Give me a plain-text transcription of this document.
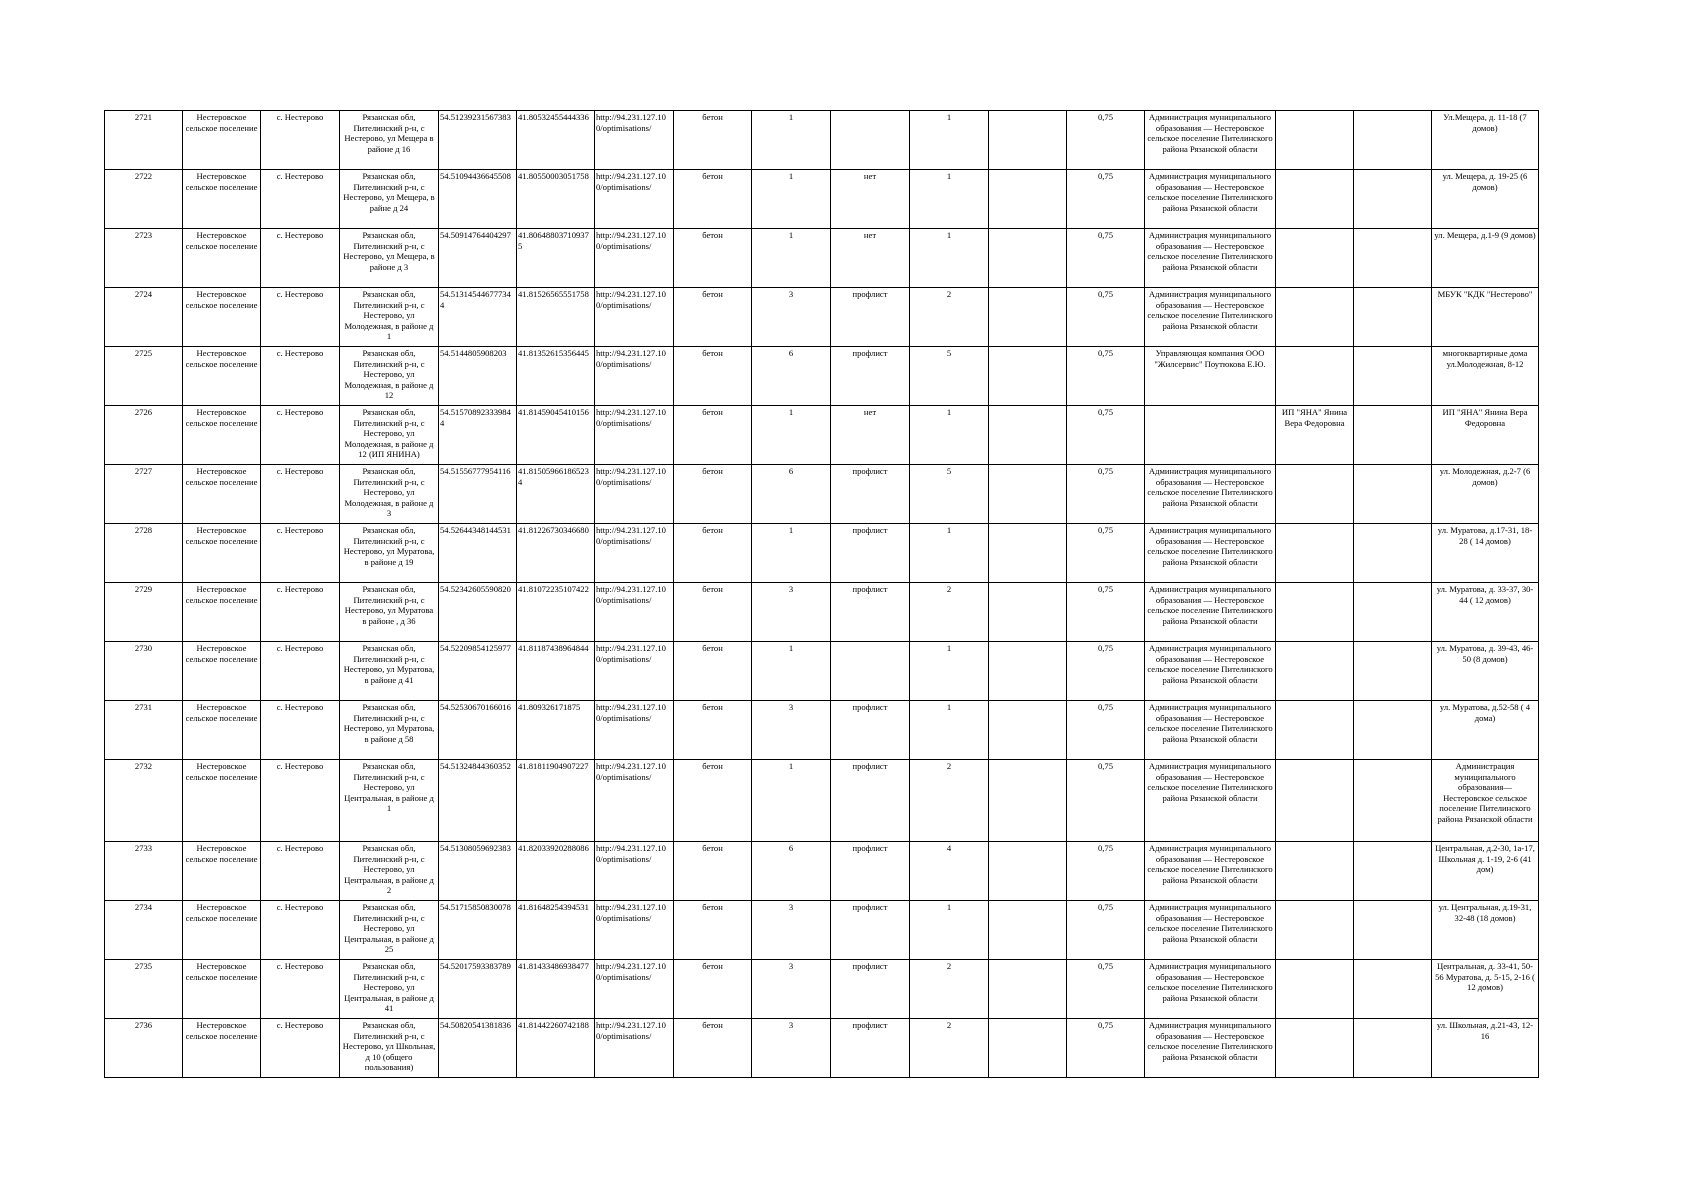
2721	Нестеровское сельское поселение	с. Нестерово	Рязанская обл, Пителинский р-н, с Нестерово, ул Мещера в районе д 16	54.51239231567383	41.80532455444336	http://94.231.127.100/optimisations/	бетон	1		1		0,75	Администрация муниципального образования — Нестеровское сельское поселение Пителинского района Рязанской области			Ул.Мещера, д. 11-18 (7 домов)
2722	Нестеровское сельское поселение	с. Нестерово	Рязанская обл, Пителинский р-н, с Нестерово, ул Мещера, в райне д 24	54.51094436645508	41.80550003051758	http://94.231.127.100/optimisations/	бетон	1	нет	1		0,75	Администрация муниципального образования — Нестеровское сельское поселение Пителинского района Рязанской области			ул. Мещера, д. 19-25 (6 домов)
2723	Нестеровское сельское поселение	с. Нестерово	Рязанская обл, Пителинский р-н, с Нестерово, ул Мещера, в районе д 3	54.50914764404297	41.806488037109375	http://94.231.127.100/optimisations/	бетон	1	нет	1		0,75	Администрация муниципального образования — Нестеровское сельское поселение Пителинского района Рязанской области			ул. Мещера, д.1-9 (9 домов)
2724	Нестеровское сельское поселение	с. Нестерово	Рязанская обл, Пителинский р-н, с Нестерово, ул Молодежная, в районе д 1	54.513145446777344	41.81526565551758	http://94.231.127.100/optimisations/	бетон	3	профлист	2		0,75	Администрация муниципального образования — Нестеровское сельское поселение Пителинского района Рязанской области			МБУК "КДК "Нестерово"
2725	Нестеровское сельское поселение	с. Нестерово	Рязанская обл, Пителинский р-н, с Нестерово, ул Молодежная, в районе д 12	54.5144805908203	41.81352615356445	http://94.231.127.100/optimisations/	бетон	6	профлист	5		0,75	Управляющая компания ООО "Жилсервис" Поутюкова Е.Ю.			многоквартирные дома ул.Молодежная, 8-12
2726	Нестеровское сельское поселение	с. Нестерово	Рязанская обл, Пителинский р-н, с Нестерово, ул Молодежная, в районе д 12 (ИП ЯНИНА)	54.515708923339844	41.81459045410156	http://94.231.127.100/optimisations/	бетон	1	нет	1		0,75		ИП "ЯНА" Янина Вера Федоровна		ИП "ЯНА" Янина Вера Федоровна
2727	Нестеровское сельское поселение	с. Нестерово	Рязанская обл, Пителинский р-н, с Нестерово, ул Молодежная, в районе д 3	54.51556777954116	41.815059661865234	http://94.231.127.100/optimisations/	бетон	6	профлист	5		0,75	Администрация муниципального образования — Нестеровское сельское поселение Пителинского района Рязанской области			ул. Молодежная, д.2-7 (6 домов)
2728	Нестеровское сельское поселение	с. Нестерово	Рязанская обл, Пителинский р-н, с Нестерово, ул Муратова, в районе д 19	54.52644348144531	41.81226730346680	http://94.231.127.100/optimisations/	бетон	1	профлист	1		0,75	Администрация муниципального образования — Нестеровское сельское поселение Пителинского района Рязанской области			ул. Муратова, д.17-31, 18-28 ( 14 домов)
2729	Нестеровское сельское поселение	с. Нестерово	Рязанская обл, Пителинский р-н, с Нестерово, ул Муратова в районе , д 36	54.52342605590820	41.81072235107422	http://94.231.127.100/optimisations/	бетон	3	профлист	2		0,75	Администрация муниципального образования — Нестеровское сельское поселение Пителинского района Рязанской области			ул. Муратова, д. 33-37, 30-44 ( 12 домов)
2730	Нестеровское сельское поселение	с. Нестерово	Рязанская обл, Пителинский р-н, с Нестерово, ул Муратова, в районе д 41	54.52209854125977	41.81187438964844	http://94.231.127.100/optimisations/	бетон	1		1		0,75	Администрация муниципального образования — Нестеровское сельское поселение Пителинского района Рязанской области			ул. Муратова, д. 39-43, 46-50 (8 домов)
2731	Нестеровское сельское поселение	с. Нестерово	Рязанская обл, Пителинский р-н, с Нестерово, ул Муратова, в районе д 58	54.52530670166016	41.809326171875	http://94.231.127.100/optimisations/	бетон	3	профлист	1		0,75	Администрация муниципального образования — Нестеровское сельское поселение Пителинского района Рязанской области			ул. Муратова, д.52-58 ( 4 дома)
2732	Нестеровское сельское поселение	с. Нестерово	Рязанская обл, Пителинский р-н, с Нестерово, ул Центральная, в районе д 1	54.51324844360352	41.81811904907227	http://94.231.127.100/optimisations/	бетон	1	профлист	2		0,75	Администрация муниципального образования — Нестеровское сельское поселение Пителинского района Рязанской области			Администрация муниципального образования— Нестеровское сельское поселение Пителинского района Рязанской области
2733	Нестеровское сельское поселение	с. Нестерово	Рязанская обл, Пителинский р-н, с Нестерово, ул Центральная, в районе д 2	54.51308059692383	41.82033920288086	http://94.231.127.100/optimisations/	бетон	6	профлист	4		0,75	Администрация муниципального образования — Нестеровское сельское поселение Пителинского района Рязанской области			Центральная, д.2-30, 1а-17, Школьная д. 1-19, 2-6 (41 дом)
2734	Нестеровское сельское поселение	с. Нестерово	Рязанская обл, Пителинский р-н, с Нестерово, ул Центральная, в районе д 25	54.51715850830078	41.81648254394531	http://94.231.127.100/optimisations/	бетон	3	профлист	1		0,75	Администрация муниципального образования — Нестеровское сельское поселение Пителинского района Рязанской области			ул. Центральная, д.19-31, 32-48 (18 домов)
2735	Нестеровское сельское поселение	с. Нестерово	Рязанская обл, Пителинский р-н, с Нестерово, ул Центральная, в районе д 41	54.52017593383789	41.81433486938477	http://94.231.127.100/optimisations/	бетон	3	профлист	2		0,75	Администрация муниципального образования — Нестеровское сельское поселение Пителинского района Рязанской области			Центральная, д. 33-41, 50-56 Муратова, д. 5-15, 2-16 ( 12 домов)
2736	Нестеровское сельское поселение	с. Нестерово	Рязанская обл, Пителинский р-н, с Нестерово, ул Школьная, д 10 (общего пользования)	54.50820541381836	41.81442260742188	http://94.231.127.100/optimisations/	бетон	3	профлист	2		0,75	Администрация муниципального образования — Нестеровское сельское поселение Пителинского района Рязанской области			ул. Школьная, д.21-43, 12-16
